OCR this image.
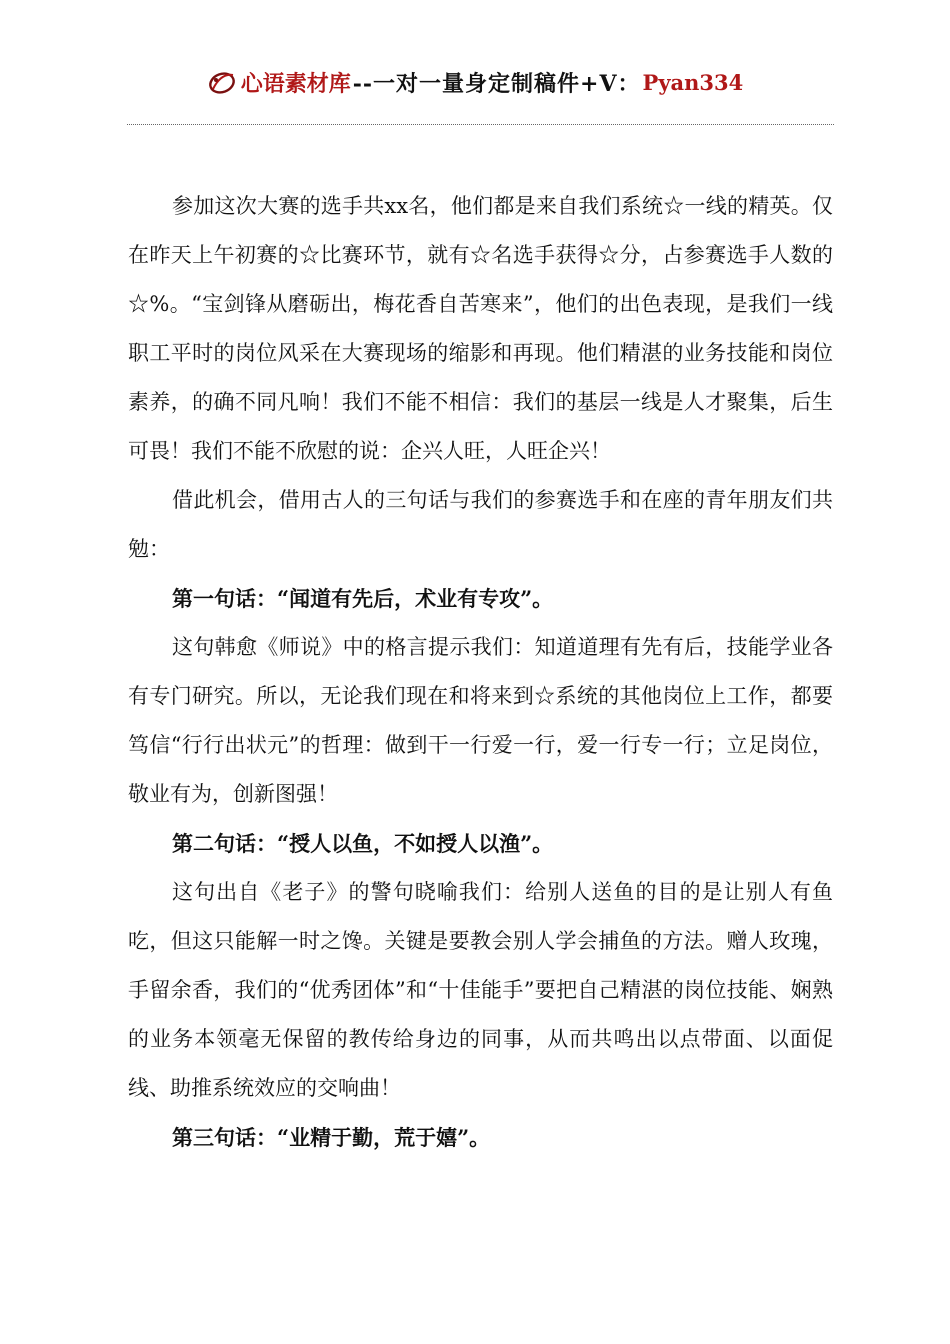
心语素材库 --一对一量身定制稿件+V： Pyan334

参加这次大赛的选手共xx名，他们都是来自我们系统☆一线的精英。仅在昨天上午初赛的☆比赛环节，就有☆名选手获得☆分，占参赛选手人数的☆%。“宝剑锋从磨砺出，梅花香自苦寒来”，他们的出色表现，是我们一线职工平时的岗位风采在大赛现场的缩影和再现。他们精湛的业务技能和岗位素养，的确不同凡响！我们不能不相信：我们的基层一线是人才聚集，后生可畏！我们不能不欣慰的说：企兴人旺，人旺企兴！

借此机会，借用古人的三句话与我们的参赛选手和在座的青年朋友们共勉：

第一句话：“闻道有先后，术业有专攻”。

这句韩愈《师说》中的格言提示我们：知道道理有先有后，技能学业各有专门研究。所以，无论我们现在和将来到☆系统的其他岗位上工作，都要笃信“行行出状元”的哲理：做到干一行爱一行，爱一行专一行；立足岗位，敬业有为，创新图强！

第二句话：“授人以鱼，不如授人以渔”。

这句出自《老子》的警句晓喻我们：给别人送鱼的目的是让别人有鱼吃，但这只能解一时之馋。关键是要教会别人学会捕鱼的方法。赠人玫瑰，手留余香，我们的“优秀团体”和“十佳能手”要把自己精湛的岗位技能、娴熟的业务本领毫无保留的教传给身边的同事，从而共鸣出以点带面、以面促线、助推系统效应的交响曲！

第三句话：“业精于勤，荒于嬉”。
